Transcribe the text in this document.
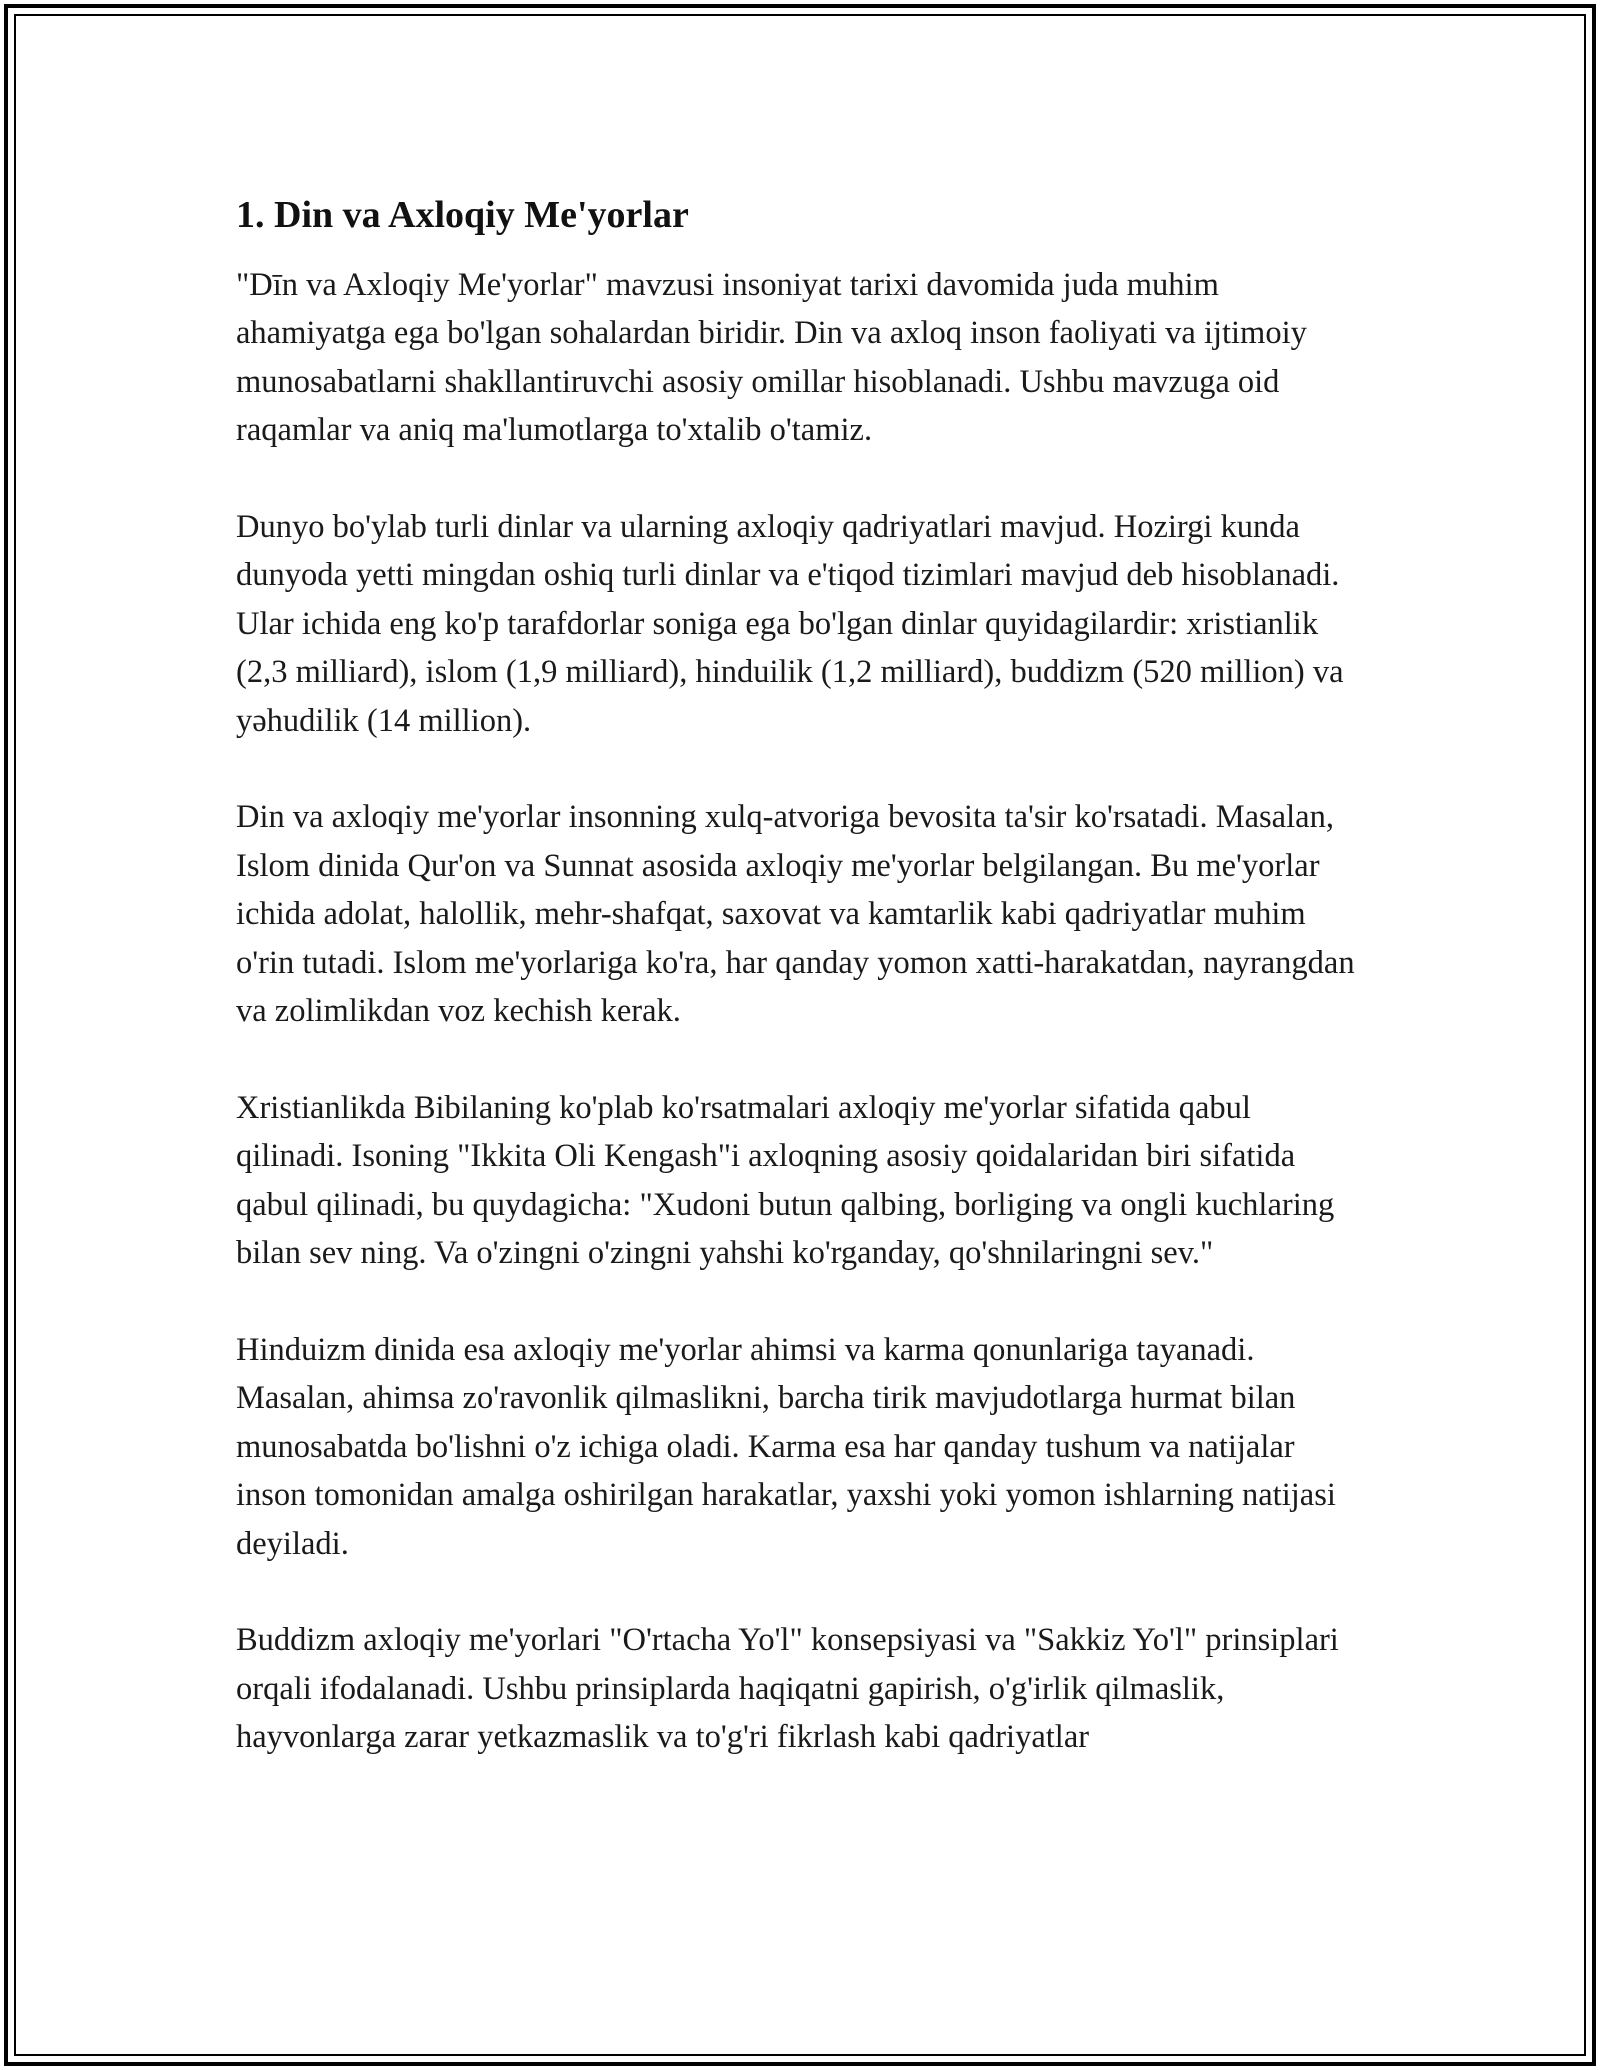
1. Din va Axloqiy Me'yorlar

"Dīn va Axloqiy Me'yorlar" mavzusi insoniyat tarixi davomida juda muhim ahamiyatga ega bo'lgan sohalardan biridir. Din va axloq inson faoliyati va ijtimoiy munosabatlarni shakllantiruvchi asosiy omillar hisoblanadi. Ushbu mavzuga oid raqamlar va aniq ma'lumotlarga to'xtalib o'tamiz.

Dunyo bo'ylab turli dinlar va ularning axloqiy qadriyatlari mavjud. Hozirgi kunda dunyoda yetti mingdan oshiq turli dinlar va e'tiqod tizimlari mavjud deb hisoblanadi. Ular ichida eng ko'p tarafdorlar soniga ega bo'lgan dinlar quyidagilardir: xristianlik (2,3 milliard), islom (1,9 milliard), hinduilik (1,2 milliard), buddizm (520 million) va yəhudilik (14 million).

Din va axloqiy me'yorlar insonning xulq-atvoriga bevosita ta'sir ko'rsatadi. Masalan, Islom dinida Qur'on va Sunnat asosida axloqiy me'yorlar belgilangan. Bu me'yorlar ichida adolat, halollik, mehr-shafqat, saxovat va kamtarlik kabi qadriyatlar muhim o'rin tutadi. Islom me'yorlariga ko'ra, har qanday yomon xatti-harakatdan, nayrangdan va zolimlikdan voz kechish kerak.

Xristianlikda Bibilaning ko'plab ko'rsatmalari axloqiy me'yorlar sifatida qabul qilinadi. Isoning "Ikkita Oli Kengash"i axloqning asosiy qoidalaridan biri sifatida qabul qilinadi, bu quydagicha: "Xudoni butun qalbing, borliging va ongli kuchlaring bilan sev ning. Va o'zingni o'zingni yahshi ko'rganday, qo'shnilaringni sev."

Hinduizm dinida esa axloqiy me'yorlar ahimsi va karma qonunlariga tayanadi. Masalan, ahimsa zo'ravonlik qilmaslikni, barcha tirik mavjudotlarga hurmat bilan munosabatda bo'lishni o'z ichiga oladi. Karma esa har qanday tushum va natijalar inson tomonidan amalga oshirilgan harakatlar, yaxshi yoki yomon ishlarning natijasi deyiladi.

Buddizm axloqiy me'yorlari "O'rtacha Yo'l" konsepsiyasi va "Sakkiz Yo'l" prinsiplari orqali ifodalanadi. Ushbu prinsiplarda haqiqatni gapirish, o'g'irlik qilmaslik, hayvonlarga zarar yetkazmaslik va to'g'ri fikrlash kabi qadriyatlar
